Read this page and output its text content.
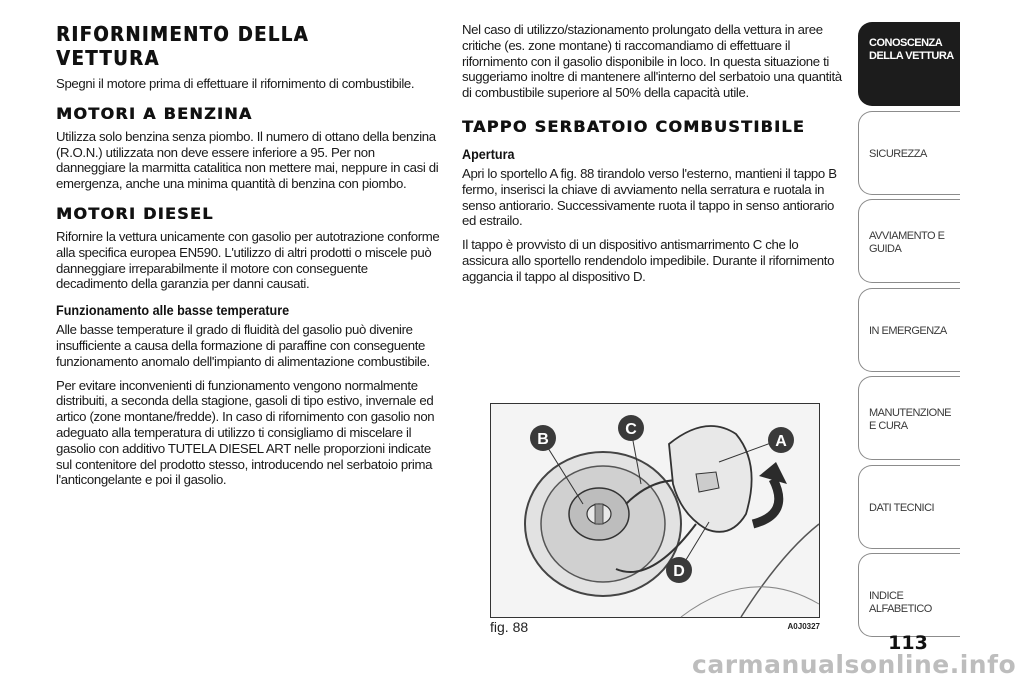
RIFORNIMENTO DELLA VETTURA

Spegni il motore prima di effettuare il rifornimento di combustibile.

MOTORI A BENZINA

Utilizza solo benzina senza piombo. Il numero di ottano della benzina (R.O.N.) utilizzata non deve essere inferiore a 95. Per non danneggiare la marmitta catalitica non mettere mai, neppure in casi di emergenza, anche una minima quantità di benzina con piombo.

MOTORI DIESEL

Rifornire la vettura unicamente con gasolio per autotrazione conforme alla specifica europea EN590. L'utilizzo di altri prodotti o miscele può danneggiare irreparabilmente il motore con conseguente decadimento della garanzia per danni causati.

Funzionamento alle basse temperature

Alle basse temperature il grado di fluidità del gasolio può divenire insufficiente a causa della formazione di paraffine con conseguente funzionamento anomalo dell'impianto di alimentazione combustibile.

Per evitare inconvenienti di funzionamento vengono normalmente distribuiti, a seconda della stagione, gasoli di tipo estivo, invernale ed artico (zone montane/fredde). In caso di rifornimento con gasolio non adeguato alla temperatura di utilizzo ti consigliamo di miscelare il gasolio con additivo TUTELA DIESEL ART nelle proporzioni indicate sul contenitore del prodotto stesso, introducendo nel serbatoio prima l'anticongelante e poi il gasolio.

Nel caso di utilizzo/stazionamento prolungato della vettura in aree critiche (es. zone montane) ti raccomandiamo di effettuare il rifornimento con il gasolio disponibile in loco. In questa situazione ti suggeriamo inoltre di mantenere all'interno del serbatoio una quantità di combustibile superiore al 50% della capacità utile.

TAPPO SERBATOIO COMBUSTIBILE
Apertura

Apri lo sportello A fig. 88 tirandolo verso l'esterno, mantieni il tappo B fermo, inserisci la chiave di avviamento nella serratura e ruotala in senso antiorario. Successivamente ruota il tappo in senso antiorario ed estrailo.

Il tappo è provvisto di un dispositivo antismarrimento C che lo assicura allo sportello rendendolo impedibile. Durante il rifornimento aggancia il tappo al dispositivo D.

B
C
A
D
fig. 88	A0J0327
CONOSCENZA DELLA VETTURA
SICUREZZA
AVVIAMENTO E GUIDA
IN EMERGENZA
MANUTENZIONE E CURA
DATI TECNICI
INDICE ALFABETICO
113
carmanualsonline.info
